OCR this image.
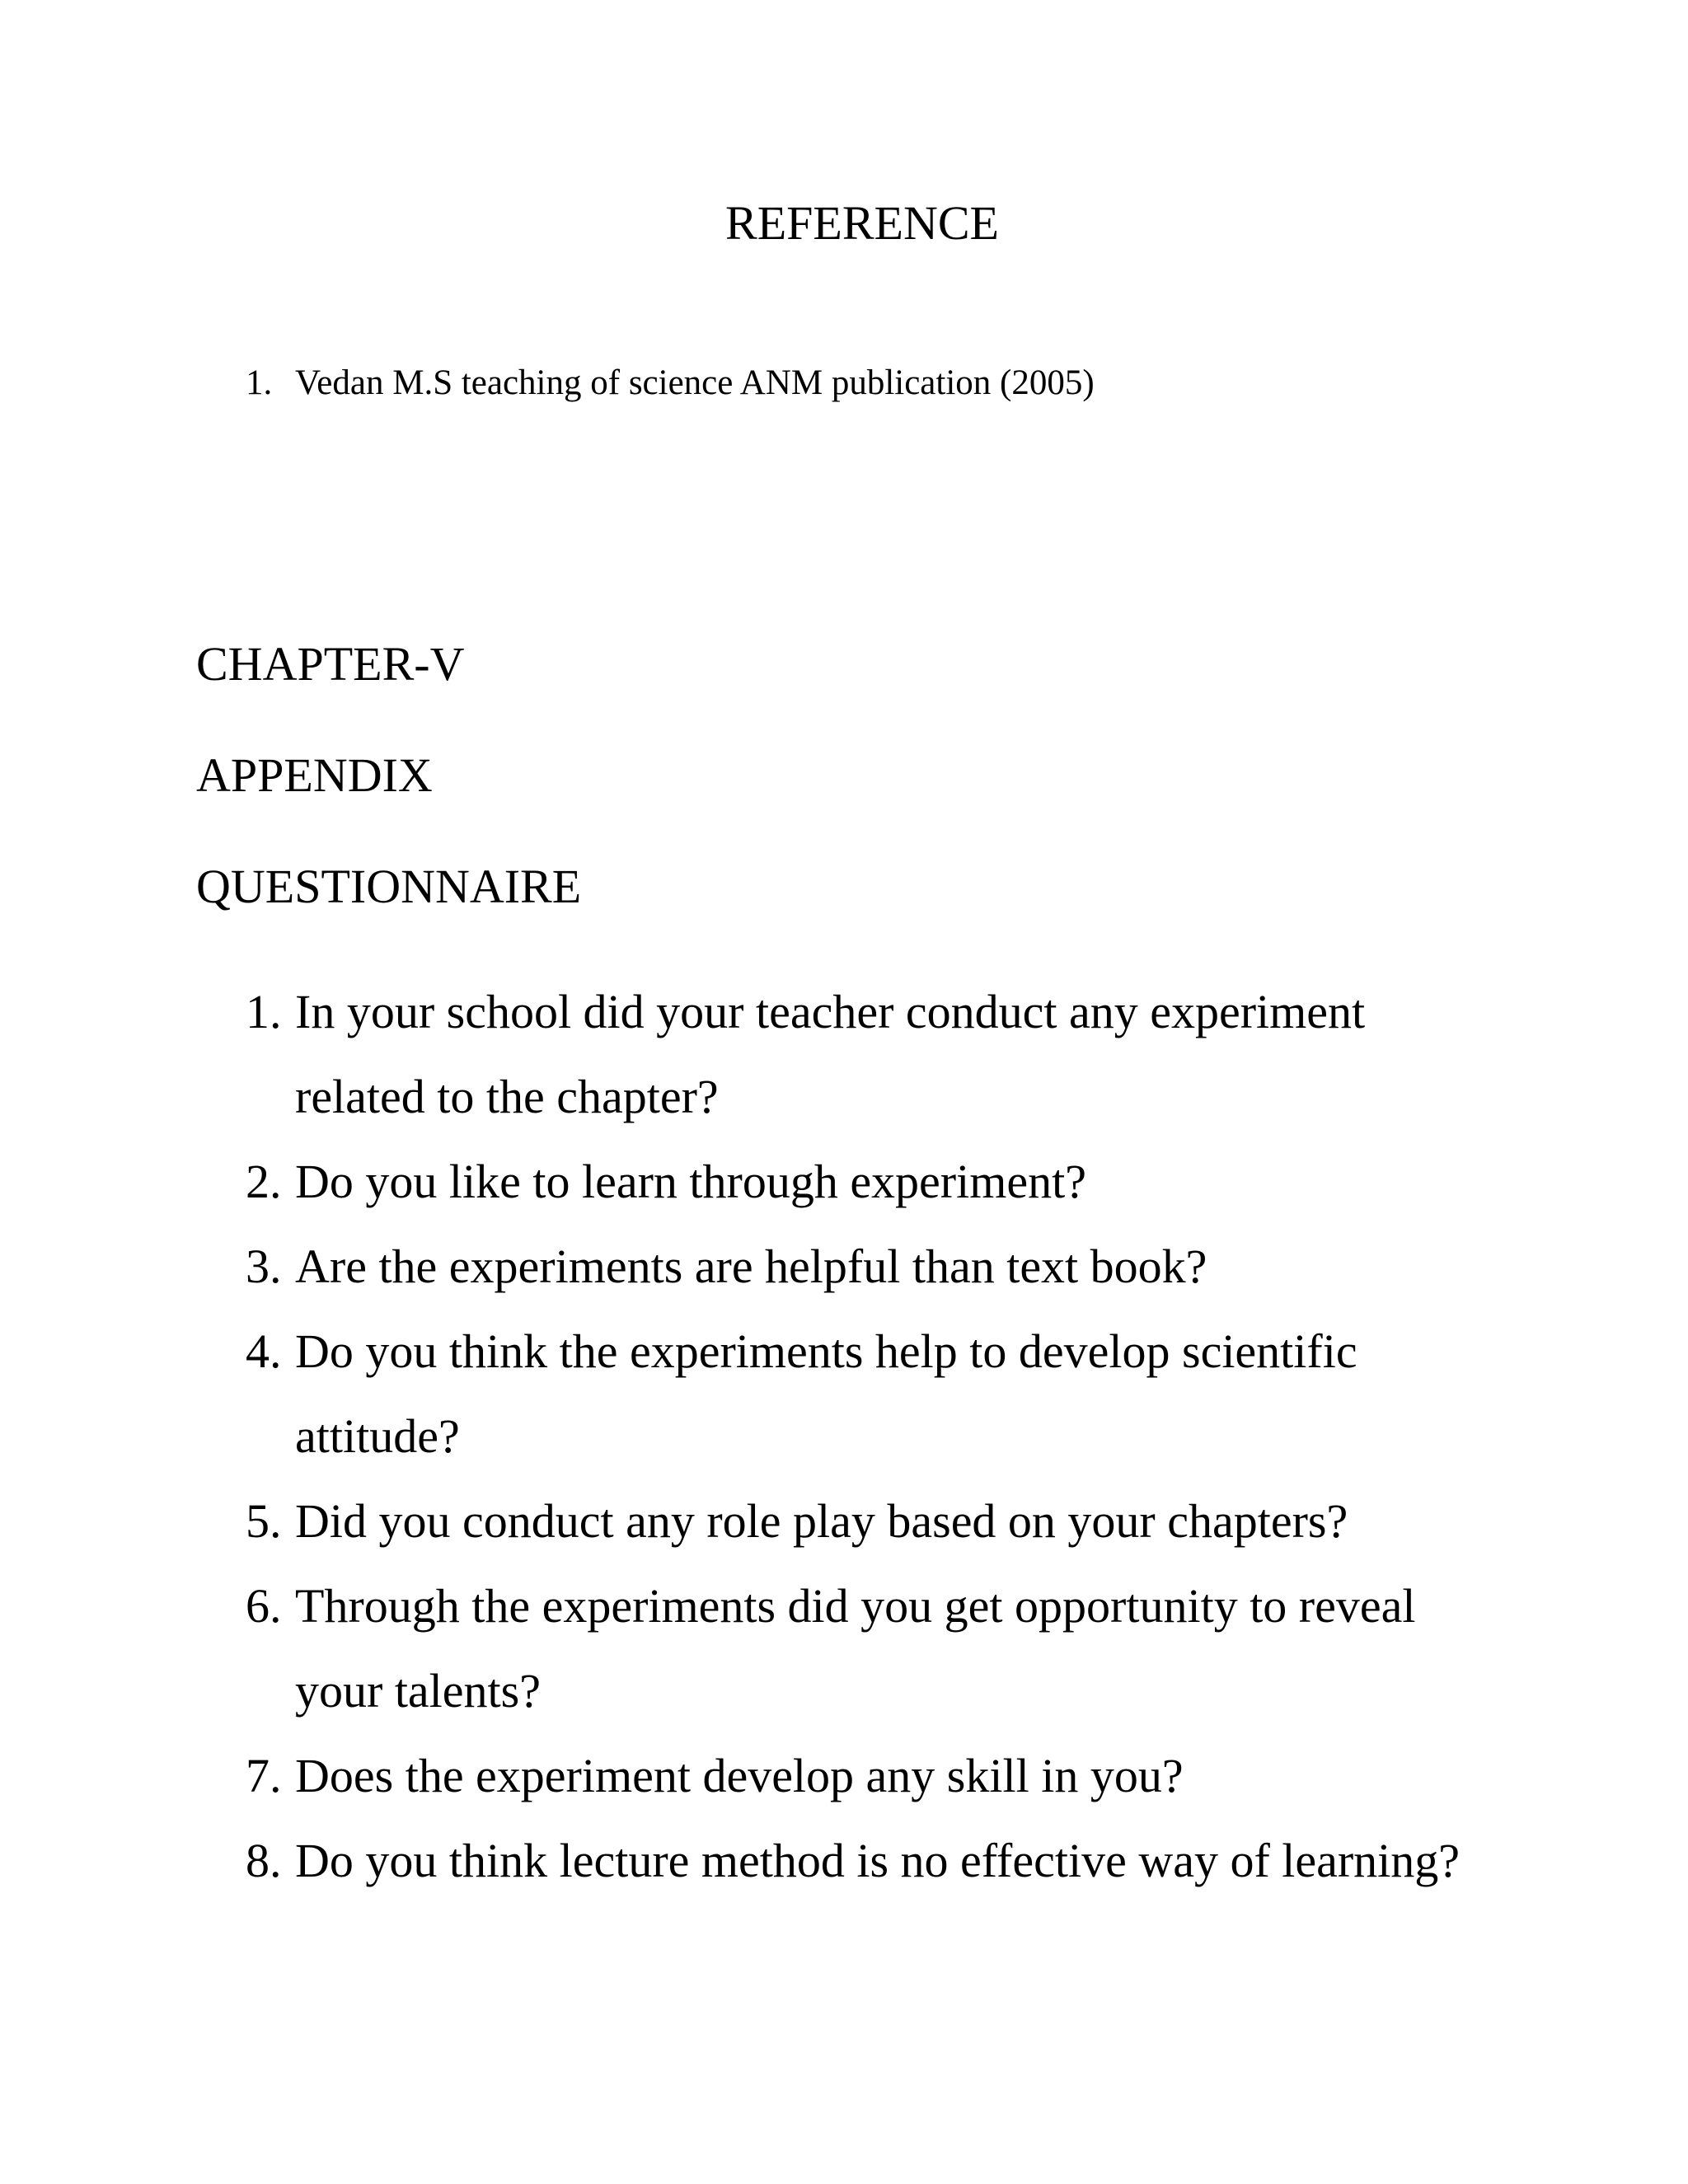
REFERENCE
1. Vedan M.S teaching of science ANM publication (2005)
CHAPTER-V
APPENDIX
QUESTIONNAIRE
1. In your school did your teacher conduct any experiment related to the chapter?
2. Do you like to learn through experiment?
3. Are the experiments are helpful than text book?
4. Do you think the experiments help to develop scientific attitude?
5. Did you conduct any role play based on your chapters?
6. Through the experiments did you get opportunity to reveal your talents?
7. Does the experiment develop any skill in you?
8. Do you think lecture method is no effective way of learning?
